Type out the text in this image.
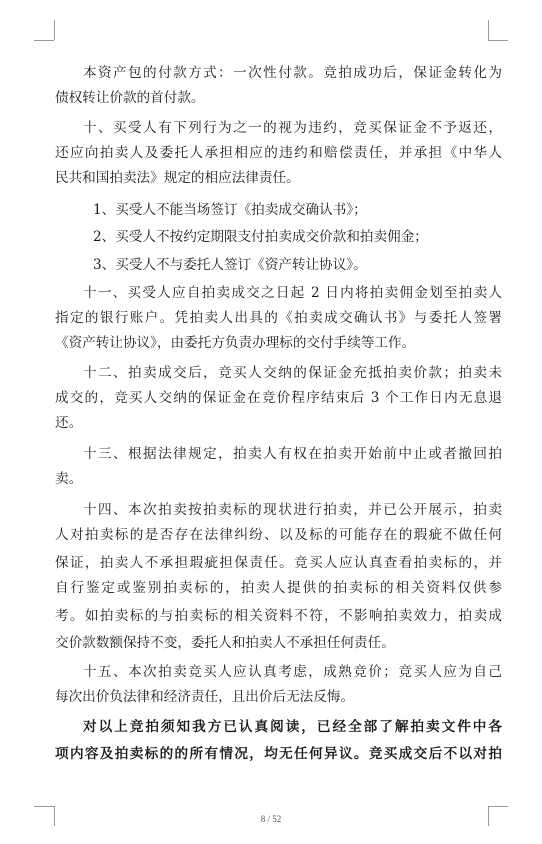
本资产包的付款方式：一次性付款。竞拍成功后，保证金转化为
债权转让价款的首付款。
十、买受人有下列行为之一的视为违约，竞买保证金不予返还，
还应向拍卖人及委托人承担相应的违约和赔偿责任，并承担《中华人
民共和国拍卖法》规定的相应法律责任。
1、买受人不能当场签订《拍卖成交确认书》；
2、买受人不按约定期限支付拍卖成交价款和拍卖佣金；
3、买受人不与委托人签订《资产转让协议》。
十一、买受人应自拍卖成交之日起 2 日内将拍卖佣金划至拍卖人
指定的银行账户。凭拍卖人出具的《拍卖成交确认书》与委托人签署
《资产转让协议》，由委托方负责办理标的交付手续等工作。
十二、拍卖成交后，竞买人交纳的保证金充抵拍卖价款；拍卖未
成交的，竞买人交纳的保证金在竞价程序结束后 3 个工作日内无息退
还。
十三、根据法律规定，拍卖人有权在拍卖开始前中止或者撤回拍
卖。
十四、本次拍卖按拍卖标的现状进行拍卖，并已公开展示，拍卖
人对拍卖标的是否存在法律纠纷、以及标的可能存在的瑕疵不做任何
保证，拍卖人不承担瑕疵担保责任。竞买人应认真查看拍卖标的，并
自行鉴定或鉴别拍卖标的，拍卖人提供的拍卖标的相关资料仅供参
考。如拍卖标的与拍卖标的相关资料不符，不影响拍卖效力，拍卖成
交价款数额保持不变，委托人和拍卖人不承担任何责任。
十五、本次拍卖竞买人应认真考虑，成熟竞价；竞买人应为自己
每次出价负法律和经济责任，且出价后无法反悔。
对以上竞拍须知我方已认真阅读，已经全部了解拍卖文件中各
项内容及拍卖标的的所有情况，均无任何异议。竞买成交后不以对拍
8 / 52
